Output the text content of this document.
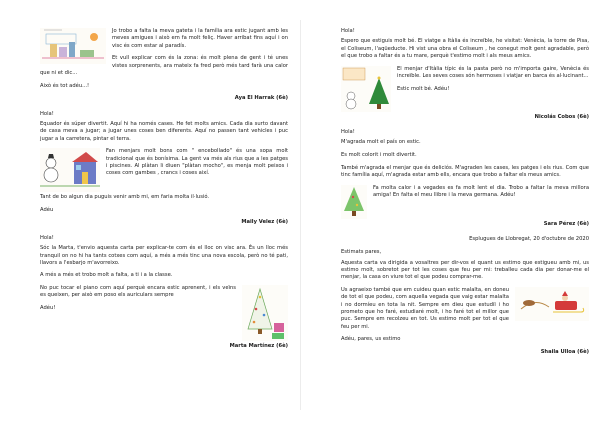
Jo trobo a falta la meva gateta i la família ara estic jugant amb les meves amigues i això em fa molt feliç. Haver arribat fins aquí i on visc és com estar al paradís.

Et vull explicar com és la zona: és molt plena de gent i té unes vistes sorprenents, ara mateix fa fred però més tard farà una calor que ni et dic...

Això és tot adéu...!

Aya El Harrak (6è)

Hola!

Equador és súper divertit. Aquí hi ha només cases. He fet molts amics. Cada dia surto davant de casa meva a jugar; a jugar unes coses ben diferents. Aquí no passen tant vehicles i puc jugar a la carretera, pintar el terra.

Fan menjars molt bons com " encebollado" és una sopa molt tradicional que és bonísima. La gent va més als rius que a les patges i piscines. Al plàtan li diuen "plàtan mocho", es menja molt peixos i coses com gambes , crancs i coses així.

Tant de bo algun dia puguis venir amb mi, em faria molta il·lusió.

Adéu

Maily Velez (6è)

Hola!

Sóc la Marta, t'envio aquesta carta per explicar-te com és el lloc on visc ara. És un lloc més tranquil on no hi ha tants cotxes com aquí, a més a més tinc una nova escola, però no té pati, llavors a l'esbarjo m'avorreixo.

A més a més et trobo molt a falta, a ti i a la classe.

No puc tocar el piano com aquí perquè encara estic aprenent, i els veïns es queixen, per això em poso els auriculars sempre

Adéu!

Marta Martínez (6è)

Hola!

Espero que estiguis molt bé. El viatge a Itàlia és increïble, he visitat: Venècia, la torre de Pisa, el Coliseum, l'aqüeducte. Hi vist una obra el Coliseum , he conegut molt gent agradable, però el que trobo a faltar és a tu mare, perquè t'estimo molt i als meus amics.

El menjar d'Itàlia típic és la pasta però no m'importa gaire, Venècia és increïble. Les seves coses són hermoses i viatjar en barca és al·lucinant...

Estic molt bé. Adéu!

Nicolás Cobos (6è)

Hola!

M'agrada molt el país on estic.

Es molt colorit i molt divertit.

També m'agrada el menjar que és deliciós. M'agraden les cases, les patges i els rius. Com que tinc família aquí, m'agrada estar amb ells, encara que trobo a faltar els meus amics.

Fa molta calor i a vegades es fa molt lent el dia. Trobo a faltar la meva millora amiga! En falta el meu llibre i la meva germana. Adéu!

Sara Pérez (6è)

Esplugues de Llobregat, 20 d'octubre de 2020

Estimats pares,

Aquesta carta va dirigida a vosaltres per dir-vos el quant us estimo que estigueu amb mi, us estimo molt, sobretot per tot les coses que feu per mi: treballeu cada dia per donar-me el menjar, la casa on viure tot el que podeu comprar-me.

Us agraeixo també que em cuideu quan estic malalta, en doneu de tot el que podeu, com aquella vegada que vaig estar malalta i no dormíeu en tota la nit. Sempre em dieu que estudiï i ho prometo que ho faré, estudiaré molt, i ho faré tot el millor que puc. Sempre em recolzeu en tot. Us estimo molt per tot el que feu per mi.

Adéu, pares, us estimo

Shaila Ulloa (6è)
